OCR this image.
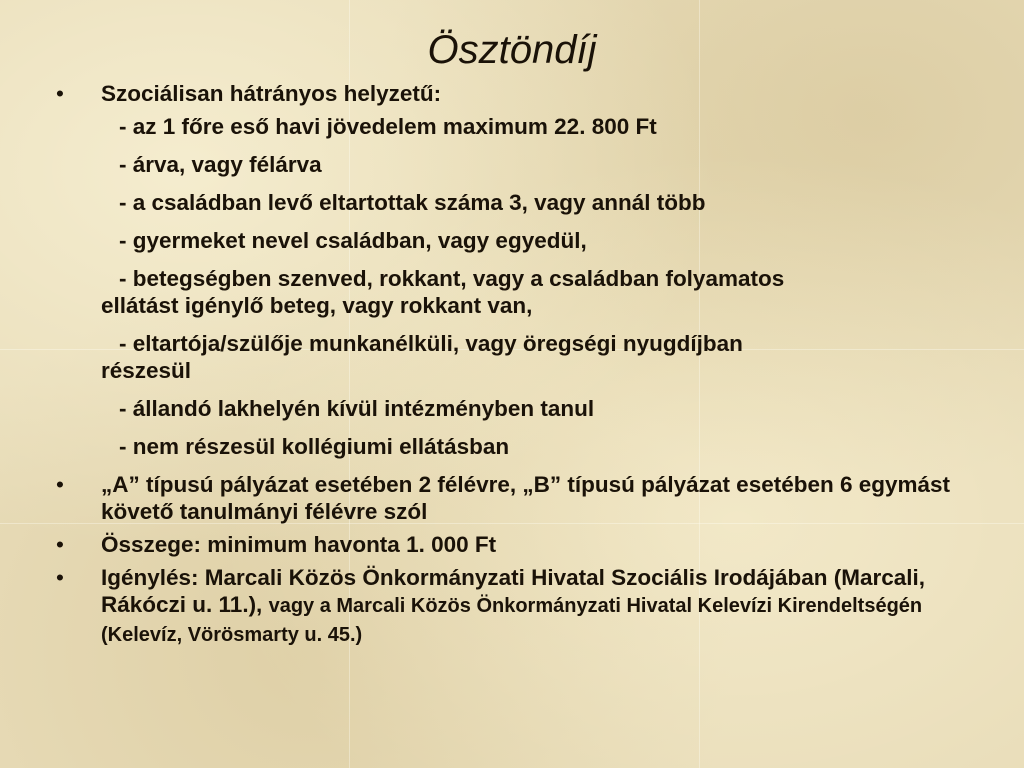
Ösztöndíj
• Szociálisan hátrányos helyzetű:
- az 1 főre eső havi jövedelem maximum 22. 800 Ft
- árva, vagy félárva
- a családban levő eltartottak száma 3, vagy annál több
- gyermeket nevel családban, vagy egyedül,
- betegségben szenved, rokkant, vagy a családban folyamatos
ellátást igénylő beteg, vagy rokkant van,
- eltartója/szülője munkanélküli, vagy öregségi nyugdíjban
részesül
- állandó lakhelyén kívül intézményben tanul
- nem részesül kollégiumi ellátásban
• „A” típusú pályázat esetében 2 félévre, „B” típusú pályázat esetében 6 egymást követő tanulmányi félévre szól
• Összege: minimum havonta 1. 000 Ft
• Igénylés: Marcali Közös Önkormányzati Hivatal Szociális Irodájában (Marcali, Rákóczi u. 11.), vagy a Marcali Közös Önkormányzati Hivatal Kelevízi Kirendeltségén (Kelevíz, Vörösmarty u. 45.)
